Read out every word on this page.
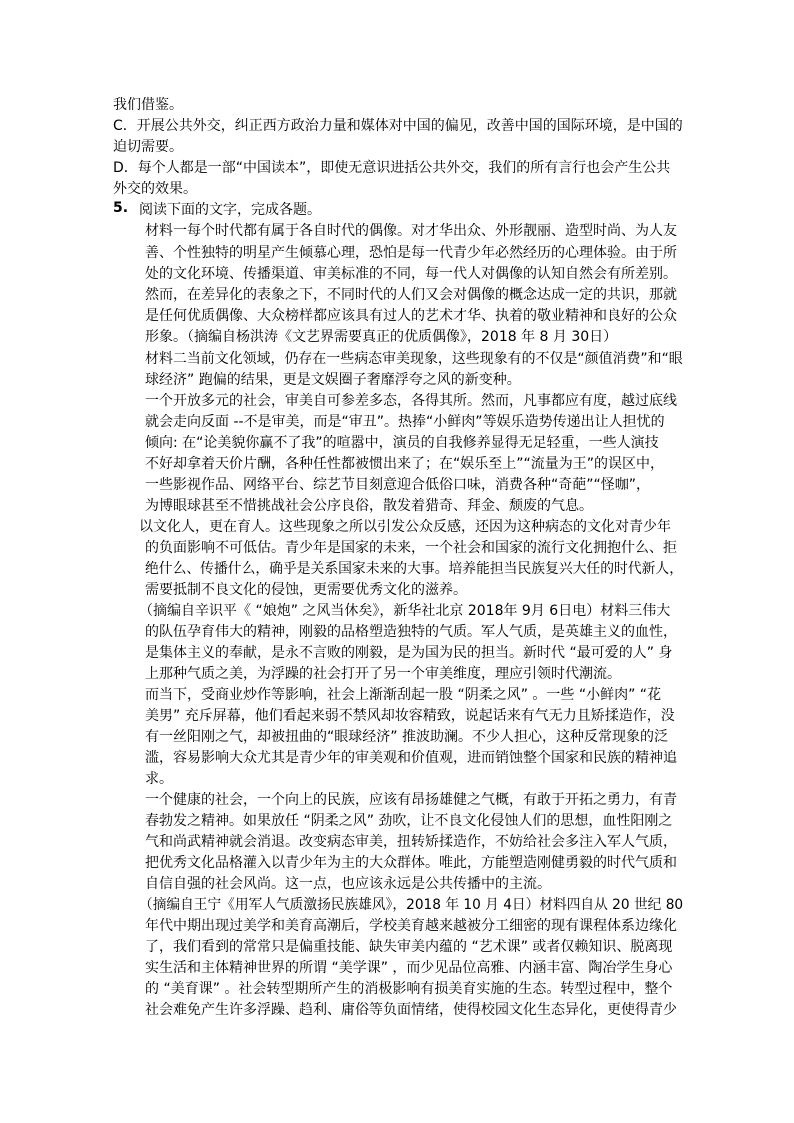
我们借鉴。
C．开展公共外交，纠正西方政治力量和媒体对中国的偏见，改善中国的国际环境，是中国的
迫切需要。
D．每个人都是一部“中国读本”，即使无意识进括公共外交，我们的所有言行也会产生公共
外交的效果。
5. 阅读下面的文字，完成各题。
材料一每个时代都有属于各自时代的偶像。对才华出众、外形靓丽、造型时尚、为人友
善、个性独特的明星产生倾慕心理，恐怕是每一代青少年必然经历的心理体验。由于所
处的文化环境、传播渠道、审美标准的不同，每一代人对偶像的认知自然会有所差别。
然而，在差异化的表象之下，不同时代的人们又会对偶像的概念达成一定的共识，那就
是任何优质偶像、大众榜样都应该具有过人的艺术才华、执着的敬业精神和良好的公众
形象。（摘编自杨洪涛《文艺界需要真正的优质偶像》，2018 年 8 月 30日）
材料二当前文化领域，仍存在一些病态审美现象，这些现象有的不仅是“颜值消费”和“眼
球经济” 跑偏的结果，更是文娱圈子奢靡浮夸之风的新变种。
一个开放多元的社会，审美自可参差多态，各得其所。然而，凡事都应有度，越过底线
就会走向反面 --不是审美，而是“审丑”。热捧“小鲜肉”等娱乐造势传递出让人担忧的
倾向: 在“论美貌你赢不了我”的喧嚣中，演员的自我修养显得无足轻重，一些人演技
不好却拿着天价片酬，各种任性都被惯出来了；在“娱乐至上”“流量为王”的误区中，
一些影视作品、网络平台、综艺节目刻意迎合低俗口味，消费各种“奇葩”“怪咖”，
为博眼球甚至不惜挑战社会公序良俗，散发着猎奇、拜金、颓废的气息。
以文化人，更在育人。这些现象之所以引发公众反感，还因为这种病态的文化对青少年
的负面影响不可低估。青少年是国家的未来，一个社会和国家的流行文化拥抱什么、拒
绝什么、传播什么，确乎是关系国家未来的大事。培养能担当民族复兴大任的时代新人，
需要抵制不良文化的侵蚀，更需要优秀文化的滋养。
（摘编自辛识平《 “娘炮” 之风当休矣》，新华社北京 2018年 9月 6日电）材料三伟大
的队伍孕育伟大的精神，刚毅的品格塑造独特的气质。军人气质，是英雄主义的血性，
是集体主义的奉献，是永不言败的刚毅，是为国为民的担当。新时代 “最可爱的人” 身
上那种气质之美，为浮躁的社会打开了另一个审美维度，理应引领时代潮流。
而当下，受商业炒作等影响，社会上渐渐刮起一股 “阴柔之风” 。一些 “小鲜肉” “花
美男” 充斥屏幕，他们看起来弱不禁风却妆容精致，说起话来有气无力且矫揉造作，没
有一丝阳刚之气，却被扭曲的“眼球经济” 推波助澜。不少人担心，这种反常现象的泛
滥，容易影响大众尤其是青少年的审美观和价值观，进而销蚀整个国家和民族的精神追
求。
一个健康的社会，一个向上的民族，应该有昂扬雄健之气概，有敢于开拓之勇力，有青
春勃发之精神。如果放任 “阴柔之风” 劲吹，让不良文化侵蚀人们的思想，血性阳刚之
气和尚武精神就会消退。改变病态审美，扭转矫揉造作，不妨给社会多注入军人气质，
把优秀文化品格灌入以青少年为主的大众群体。唯此，方能塑造刚健勇毅的时代气质和
自信自强的社会风尚。这一点，也应该永远是公共传播中的主流。
（摘编自王宁《用军人气质激扬民族雄风》，2018 年 10 月 4日）材料四自从 20 世纪 80
年代中期出现过美学和美育高潮后，学校美育越来越被分工细密的现有课程体系边缘化
了，我们看到的常常只是偏重技能、缺失审美内蕴的 “艺术课” 或者仅赖知识、脱离现
实生活和主体精神世界的所谓 “美学课” ，而少见品位高雅、内涵丰富、陶冶学生身心
的 “美育课” 。社会转型期所产生的消极影响有损美育实施的生态。转型过程中，整个
社会难免产生许多浮躁、趋利、庸俗等负面情绪，使得校园文化生态异化，更使得青少
